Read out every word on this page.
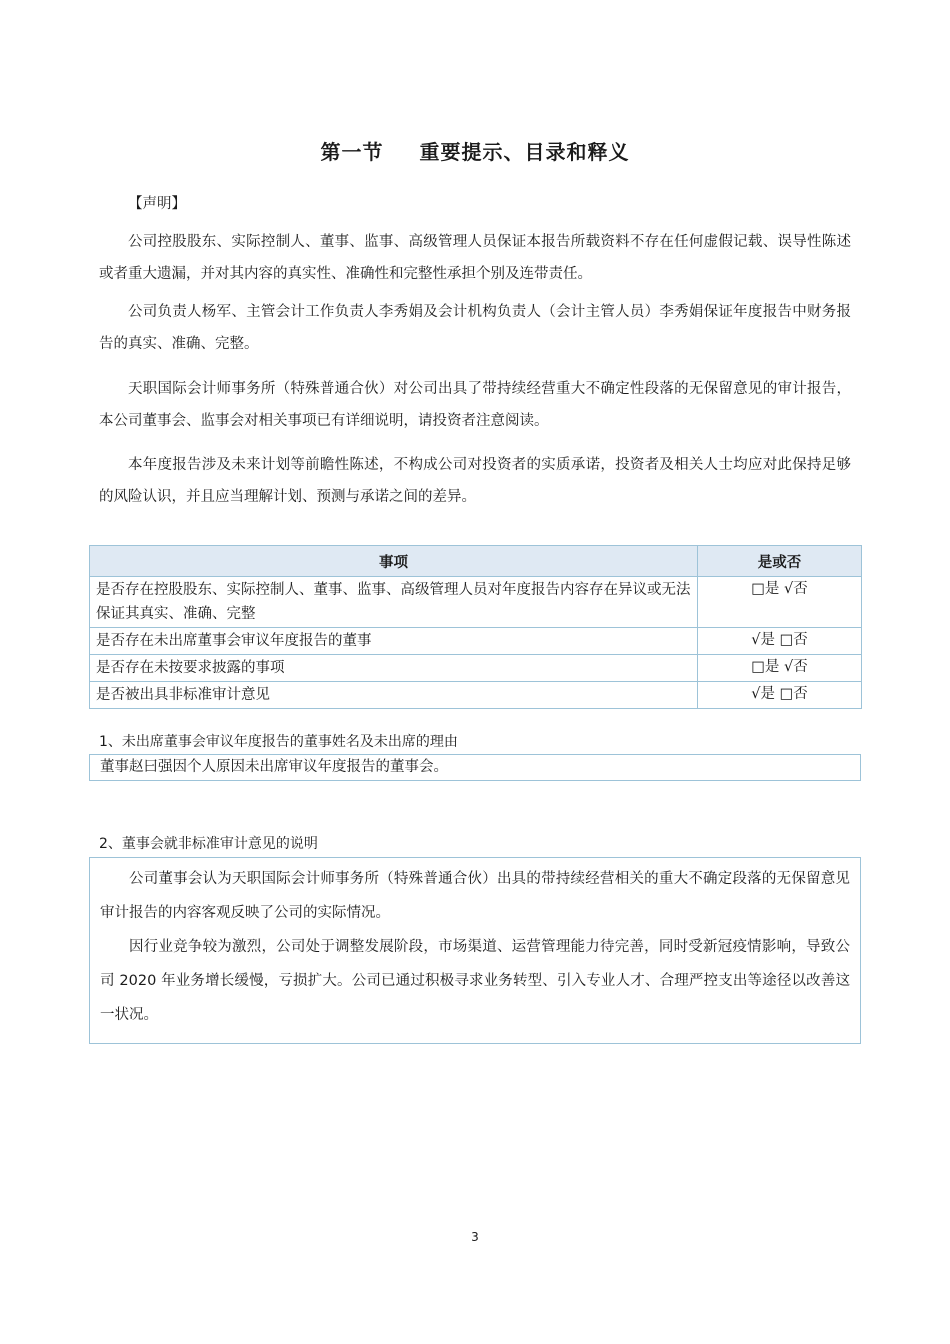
第一节 重要提示、目录和释义
【声明】

公司控股股东、实际控制人、董事、监事、高级管理人员保证本报告所载资料不存在任何虚假记载、误导性陈述或者重大遗漏，并对其内容的真实性、准确性和完整性承担个别及连带责任。

公司负责人杨军、主管会计工作负责人李秀娟及会计机构负责人（会计主管人员）李秀娟保证年度报告中财务报告的真实、准确、完整。

天职国际会计师事务所（特殊普通合伙）对公司出具了带持续经营重大不确定性段落的无保留意见的审计报告，本公司董事会、监事会对相关事项已有详细说明，请投资者注意阅读。

本年度报告涉及未来计划等前瞻性陈述，不构成公司对投资者的实质承诺，投资者及相关人士均应对此保持足够的风险认识，并且应当理解计划、预测与承诺之间的差异。

事项	是或否
是否存在控股股东、实际控制人、董事、监事、高级管理人员对年度报告内容存在异议或无法保证其真实、准确、完整	□是 √否
是否存在未出席董事会审议年度报告的董事	√是 □否
是否存在未按要求披露的事项	□是 √否
是否被出具非标准审计意见	√是 □否
1、未出席董事会审议年度报告的董事姓名及未出席的理由
董事赵曰强因个人原因未出席审议年度报告的董事会。
2、董事会就非标准审计意见的说明

公司董事会认为天职国际会计师事务所（特殊普通合伙）出具的带持续经营相关的重大不确定段落的无保留意见审计报告的内容客观反映了公司的实际情况。

因行业竞争较为激烈，公司处于调整发展阶段，市场渠道、运营管理能力待完善，同时受新冠疫情影响，导致公司 2020 年业务增长缓慢，亏损扩大。公司已通过积极寻求业务转型、引入专业人才、合理严控支出等途径以改善这一状况。

3
